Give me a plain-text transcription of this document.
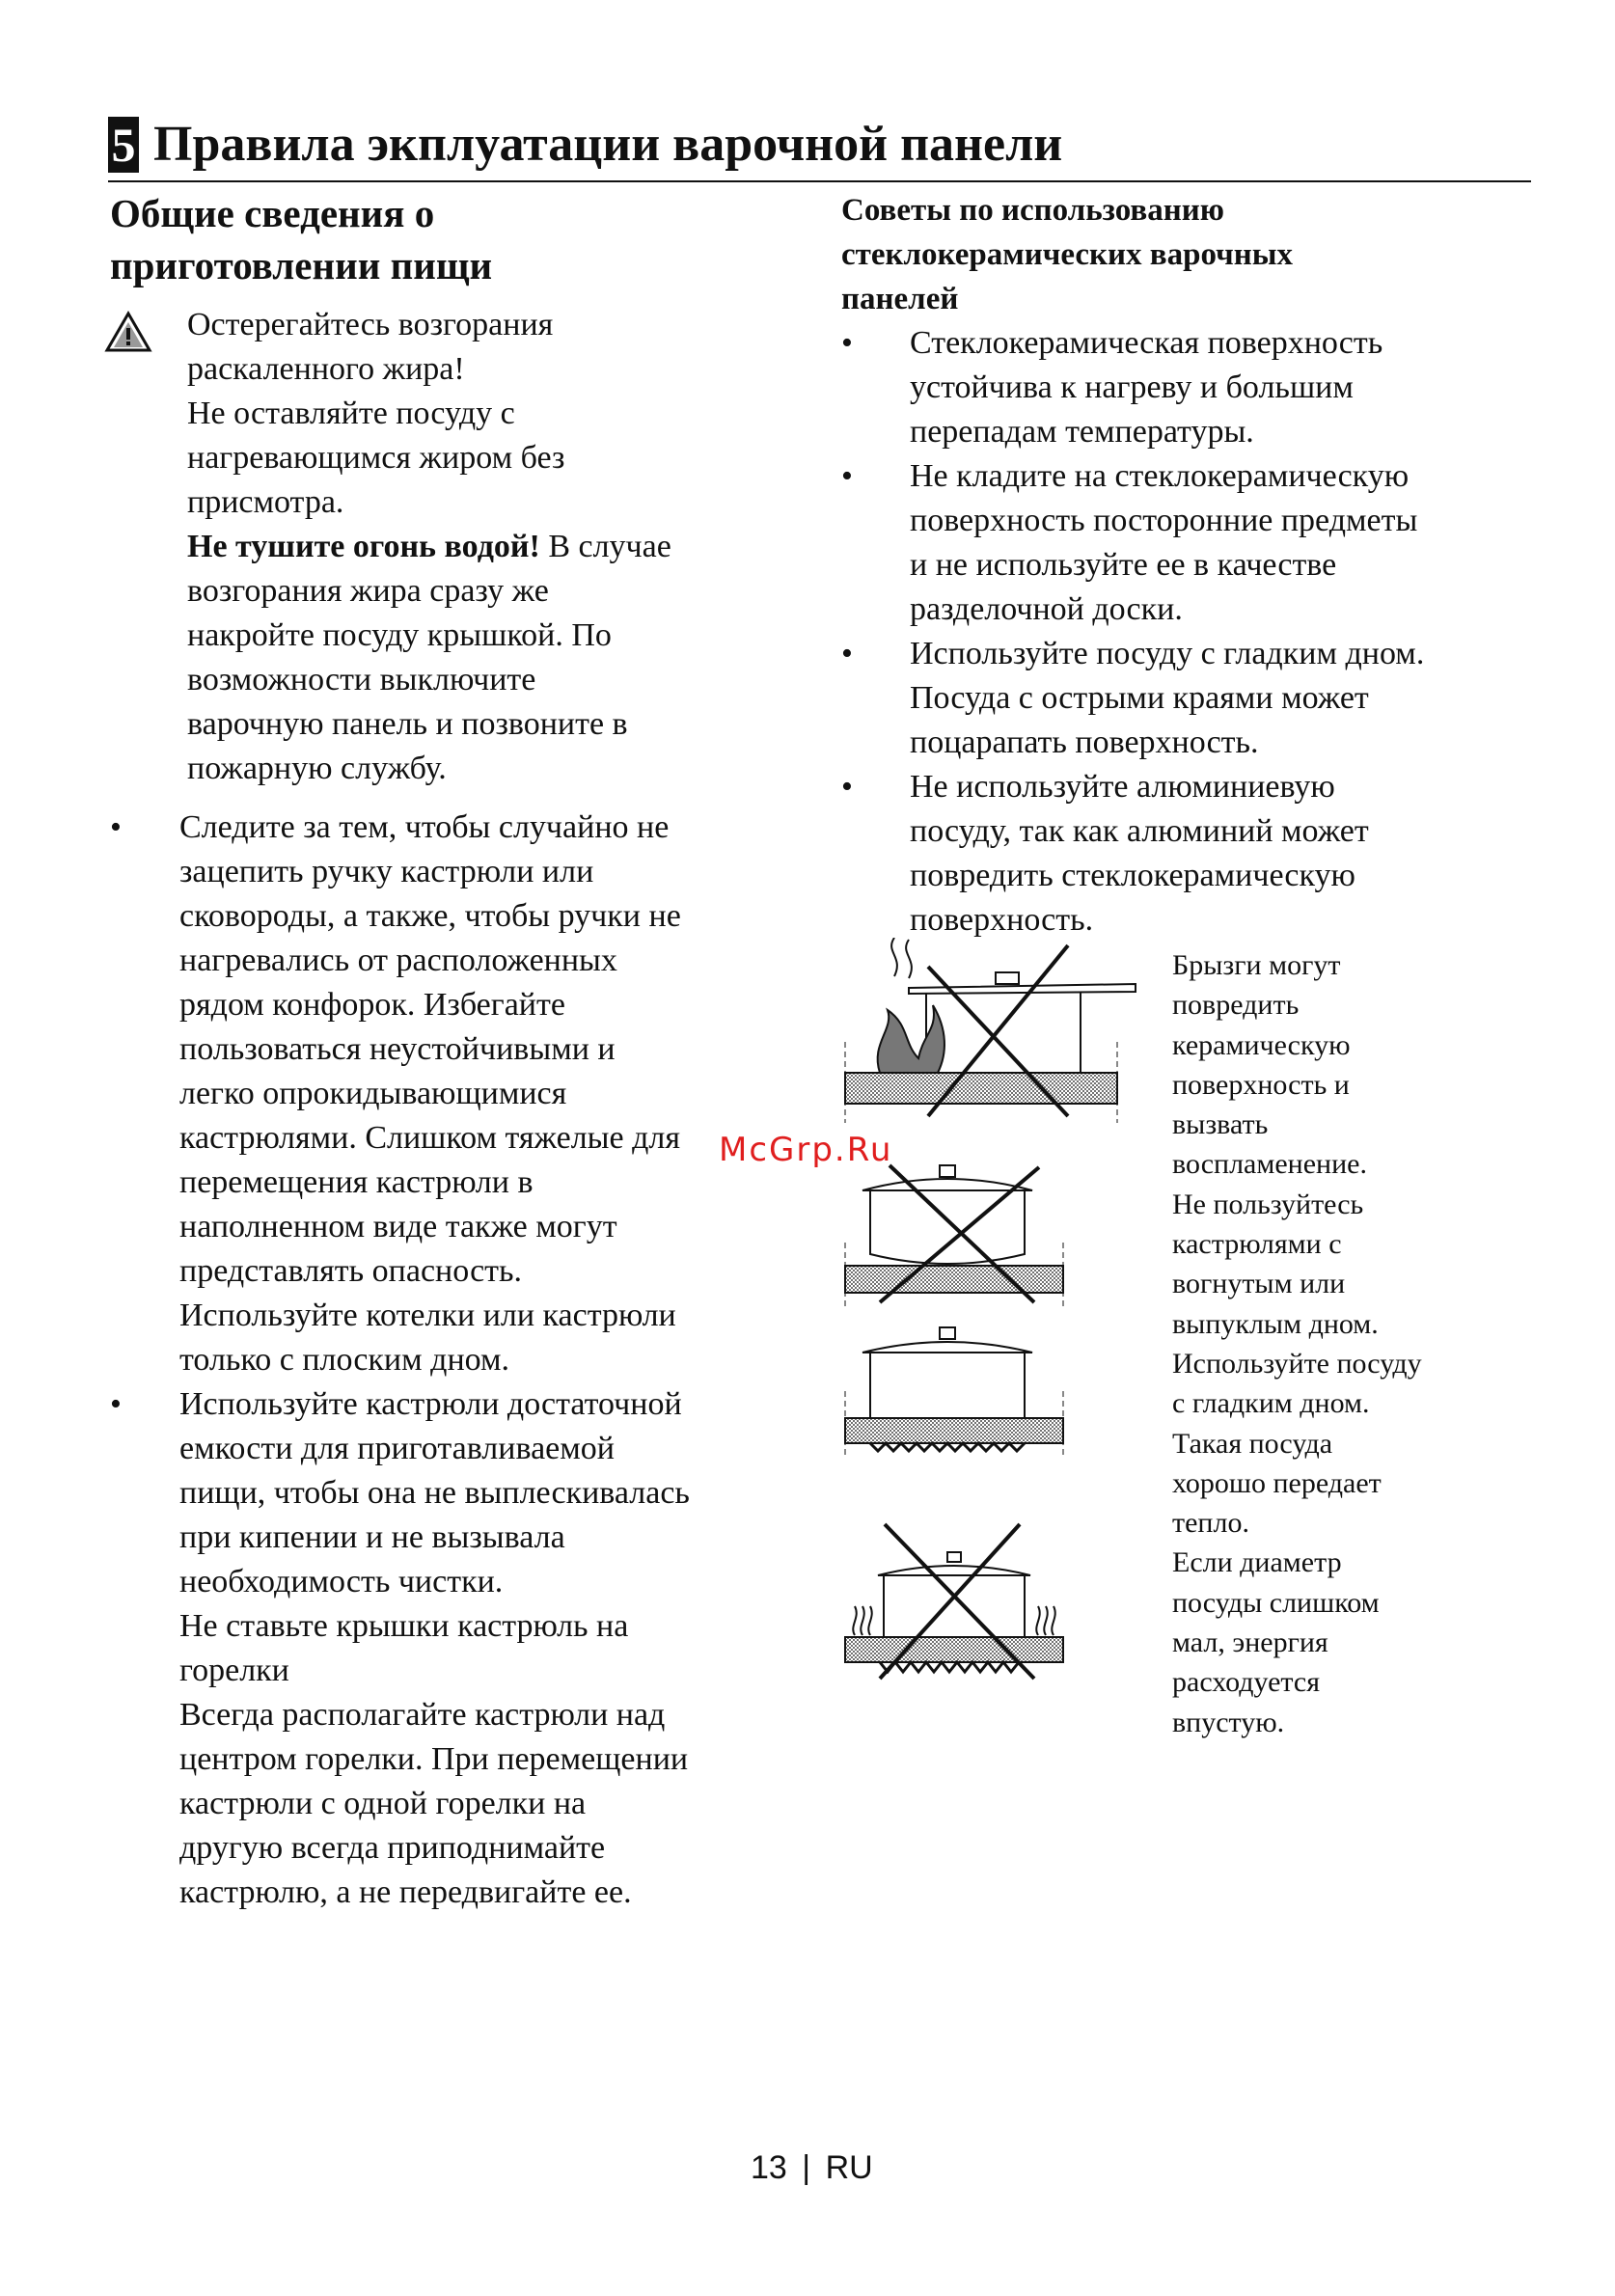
5 Правила экплуатации варочной панели
Общие сведения о
приготовлении пищи
Остерегайтесь возгорания
раскаленного жира!
Не оставляйте посуду с
нагревающимся жиром без
присмотра.
Не тушите огонь водой! В случае
возгорания жира сразу же
накройте посуду крышкой. По
возможности выключите
варочную панель и позвоните в
пожарную службу.
• Следите за тем, чтобы случайно не
зацепить ручку кастрюли или
сковороды, а также, чтобы ручки не
нагревались от расположенных
рядом конфорок. Избегайте
пользоваться неустойчивыми и
легко опрокидывающимися
кастрюлями. Слишком тяжелые для
перемещения кастрюли в
наполненном виде также могут
представлять опасность.
Используйте котелки или кастрюли
только с плоским дном.
• Используйте кастрюли достаточной
емкости для приготавливаемой
пищи, чтобы она не выплескивалась
при кипении и не вызывала
необходимость чистки.
Не ставьте крышки кастрюль на
горелки
Всегда располагайте кастрюли над
центром горелки. При перемещении
кастрюли с одной горелки на
другую всегда приподнимайте
кастрюлю, а не передвигайте ее.
Советы по использованию
стеклокерамических варочных
панелей
• Стеклокерамическая поверхность
устойчива к нагреву и большим
перепадам температуры.
• Не кладите на стеклокерамическую
поверхность посторонние предметы
и не используйте ее в качестве
разделочной доски.
• Используйте посуду с гладким дном.
Посуда с острыми краями может
поцарапать поверхность.
• Не используйте алюминиевую
посуду, так как алюминий может
повредить стеклокерамическую
поверхность.
Брызги могут
повредить
керамическую
поверхность и
вызвать
воспламенение.
Не пользуйтесь
кастрюлями с
вогнутым или
выпуклым дном.
Используйте посуду
с гладким дном.
Такая посуда
хорошо передает
тепло.
Если диаметр
посуды слишком
мал, энергия
расходуется
впустую.
McGrp.Ru
13 | RU
